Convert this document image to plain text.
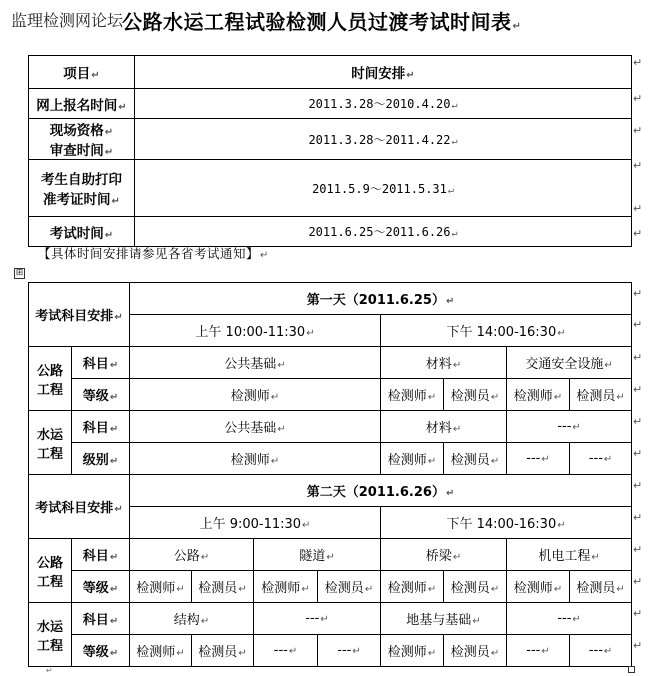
监理检测网论坛
公路水运工程试验检测人员过渡考试时间表↵
项目↵	时间安排↵
网上报名时间↵	2011.3.28～2010.4.20↵

现场资格↵
审查时间↵	2011.3.28～2011.4.22↵

考生自助打印
准考证时间↵	2011.5.9～2011.5.31↵
考试时间↵	2011.6.25～2011.6.26↵
【具体时间安排请参见各省考试通知】↵
⊞
考试科目安排↵		第一天（2011.6.25）↵							
		上午 10:00-11:30↵				下午 14:00-16:30↵			

公路
工程	科目↵	公共基础↵				材料↵		交通安全设施↵	
	等级↵	检测师↵				检测师↵	检测员↵	检测师↵	检测员↵

水运
工程	科目↵	公共基础↵				材料↵		---↵	
	级别↵	检测师↵				检测师↵	检测员↵	---↵	---↵
考试科目安排↵		第二天（2011.6.26）↵							
		上午 9:00-11:30↵				下午 14:00-16:30↵			

公路
工程	科目↵	公路↵		隧道↵		桥梁↵		机电工程↵	
	等级↵	检测师↵	检测员↵	检测师↵	检测员↵	检测师↵	检测员↵	检测师↵	检测员↵

水运
工程	科目↵	结构↵		---↵		地基与基础↵		---↵	
	等级↵	检测师↵	检测员↵	---↵	---↵	检测师↵	检测员↵	---↵	---↵
↵
↵
↵
↵
↵
↵
↵
↵
↵
↵
↵
↵
↵
↵
↵
↵
↵
↵
↵
